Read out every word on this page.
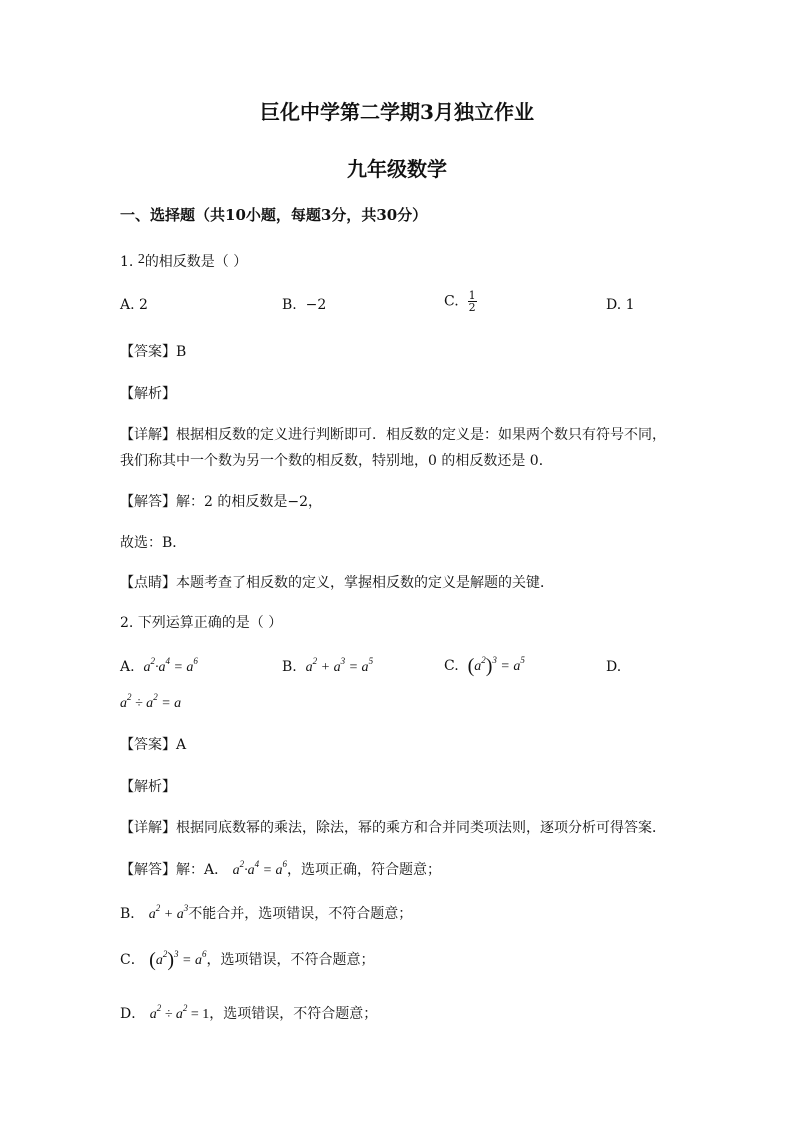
巨化中学第二学期3月独立作业
九年级数学
一、选择题（共10小题，每题3分，共30分）
1. 2的相反数是（ ）
A. 2	B. −2	C. $\frac{1}{2}$	D. 1
【答案】B
【解析】
【详解】根据相反数的定义进行判断即可．相反数的定义是：如果两个数只有符号不同，
我们称其中一个数为另一个数的相反数，特别地，0 的相反数还是 0．
【解答】解：2 的相反数是−2，
故选：B．
【点睛】本题考查了相反数的定义，掌握相反数的定义是解题的关键．
2. 下列运算正确的是（ ）
A. $a^2\cdot a^4 = a^6$	B. $a^2 + a^3 = a^5$	C. $(a^2)^3 = a^5$	D.
$a^2 \div a^2 = a$
【答案】A
【解析】
【详解】根据同底数幂的乘法，除法，幂的乘方和合并同类项法则，逐项分析可得答案．
【解答】解：A． $a^2\cdot a^4 = a^6$，选项正确，符合题意；
B． $a^2 + a^3$不能合并，选项错误，不符合题意；
C． $(a^2)^3 = a^6$，选项错误，不符合题意；
D． $a^2 \div a^2 = 1$，选项错误，不符合题意；
